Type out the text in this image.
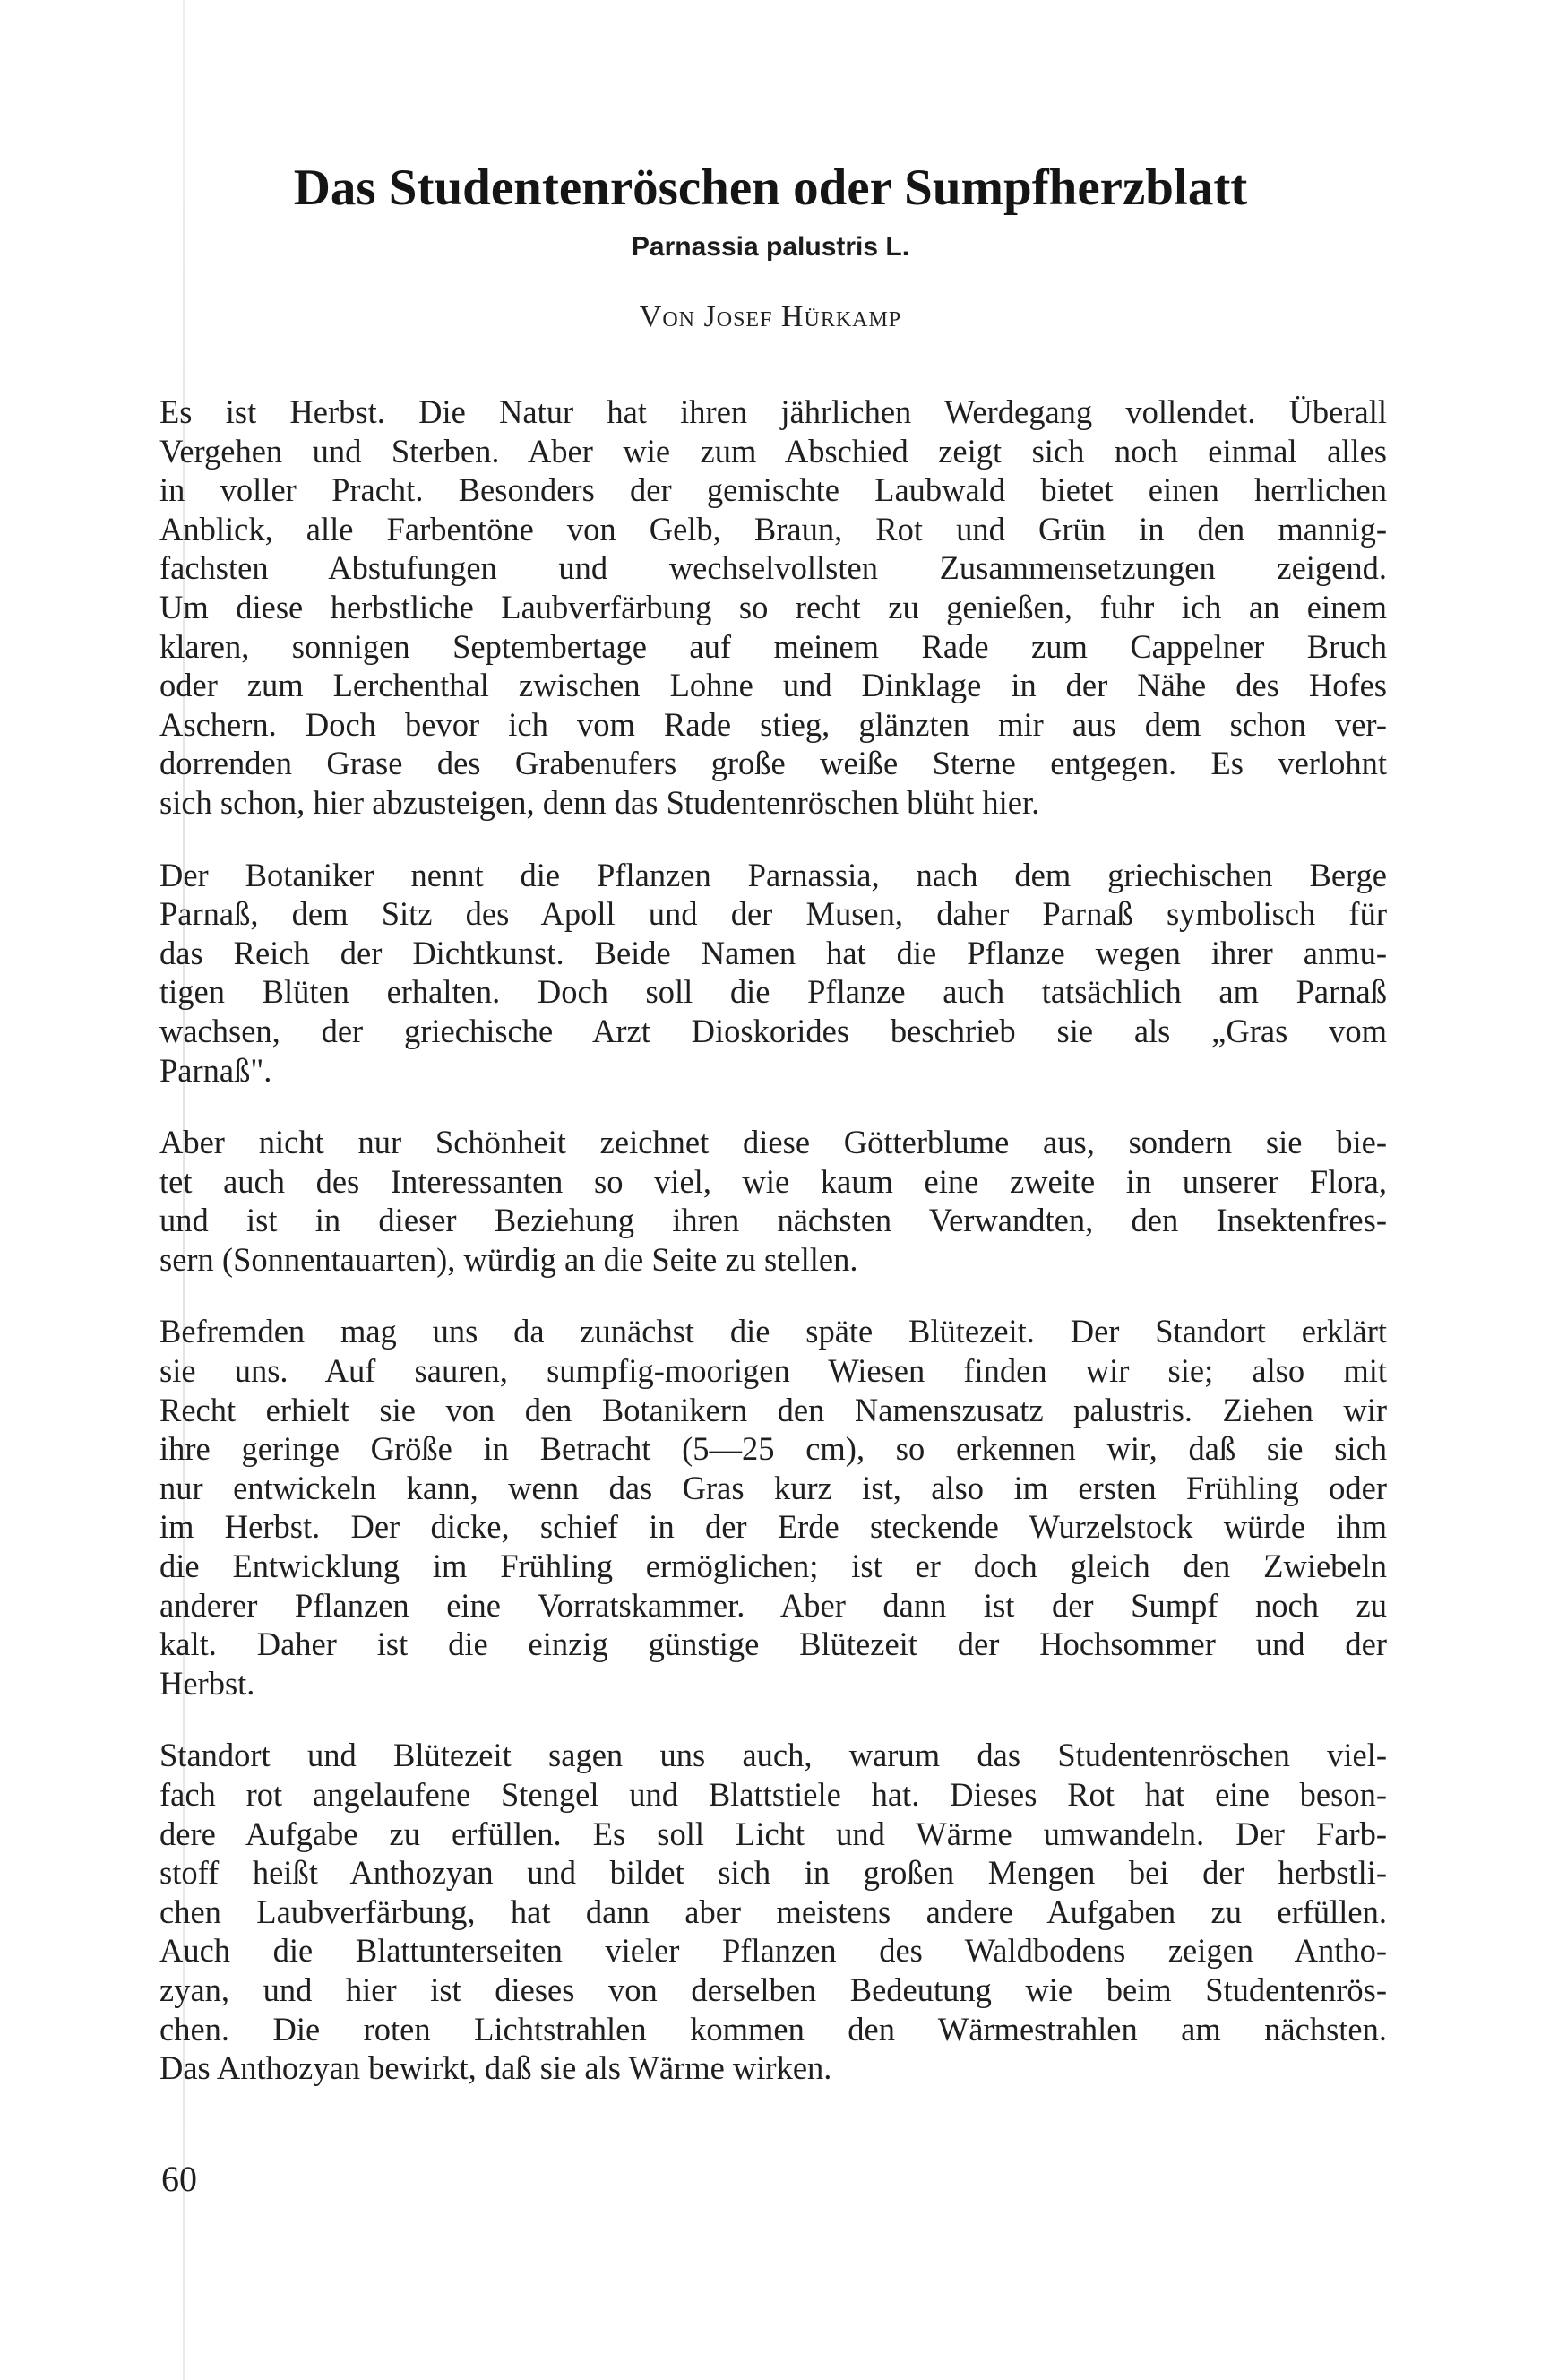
Das Studentenröschen oder Sumpfherzblatt
Parnassia palustris L.
Von Josef Hürkamp
Es ist Herbst. Die Natur hat ihren jährlichen Werdegang vollendet. Überall
Vergehen und Sterben. Aber wie zum Abschied zeigt sich noch einmal alles
in voller Pracht. Besonders der gemischte Laubwald bietet einen herrlichen
Anblick, alle Farbentöne von Gelb, Braun, Rot und Grün in den mannig-
fachsten Abstufungen und wechselvollsten Zusammensetzungen zeigend.
Um diese herbstliche Laubverfärbung so recht zu genießen, fuhr ich an einem
klaren, sonnigen Septembertage auf meinem Rade zum Cappelner Bruch
oder zum Lerchenthal zwischen Lohne und Dinklage in der Nähe des Hofes
Aschern. Doch bevor ich vom Rade stieg, glänzten mir aus dem schon ver-
dorrenden Grase des Grabenufers große weiße Sterne entgegen. Es verlohnt
sich schon, hier abzusteigen, denn das Studentenröschen blüht hier.
Der Botaniker nennt die Pflanzen Parnassia, nach dem griechischen Berge
Parnaß, dem Sitz des Apoll und der Musen, daher Parnaß symbolisch für
das Reich der Dichtkunst. Beide Namen hat die Pflanze wegen ihrer anmu-
tigen Blüten erhalten. Doch soll die Pflanze auch tatsächlich am Parnaß
wachsen, der griechische Arzt Dioskorides beschrieb sie als „Gras vom
Parnaß".
Aber nicht nur Schönheit zeichnet diese Götterblume aus, sondern sie bie-
tet auch des Interessanten so viel, wie kaum eine zweite in unserer Flora,
und ist in dieser Beziehung ihren nächsten Verwandten, den Insektenfres-
sern (Sonnentauarten), würdig an die Seite zu stellen.
Befremden mag uns da zunächst die späte Blütezeit. Der Standort erklärt
sie uns. Auf sauren, sumpfig-moorigen Wiesen finden wir sie; also mit
Recht erhielt sie von den Botanikern den Namenszusatz palustris. Ziehen wir
ihre geringe Größe in Betracht (5—25 cm), so erkennen wir, daß sie sich
nur entwickeln kann, wenn das Gras kurz ist, also im ersten Frühling oder
im Herbst. Der dicke, schief in der Erde steckende Wurzelstock würde ihm
die Entwicklung im Frühling ermöglichen; ist er doch gleich den Zwiebeln
anderer Pflanzen eine Vorratskammer. Aber dann ist der Sumpf noch zu
kalt. Daher ist die einzig günstige Blütezeit der Hochsommer und der
Herbst.
Standort und Blütezeit sagen uns auch, warum das Studentenröschen viel-
fach rot angelaufene Stengel und Blattstiele hat. Dieses Rot hat eine beson-
dere Aufgabe zu erfüllen. Es soll Licht und Wärme umwandeln. Der Farb-
stoff heißt Anthozyan und bildet sich in großen Mengen bei der herbstli-
chen Laubverfärbung, hat dann aber meistens andere Aufgaben zu erfüllen.
Auch die Blattunterseiten vieler Pflanzen des Waldbodens zeigen Antho-
zyan, und hier ist dieses von derselben Bedeutung wie beim Studentenrös-
chen. Die roten Lichtstrahlen kommen den Wärmestrahlen am nächsten.
Das Anthozyan bewirkt, daß sie als Wärme wirken.
60
